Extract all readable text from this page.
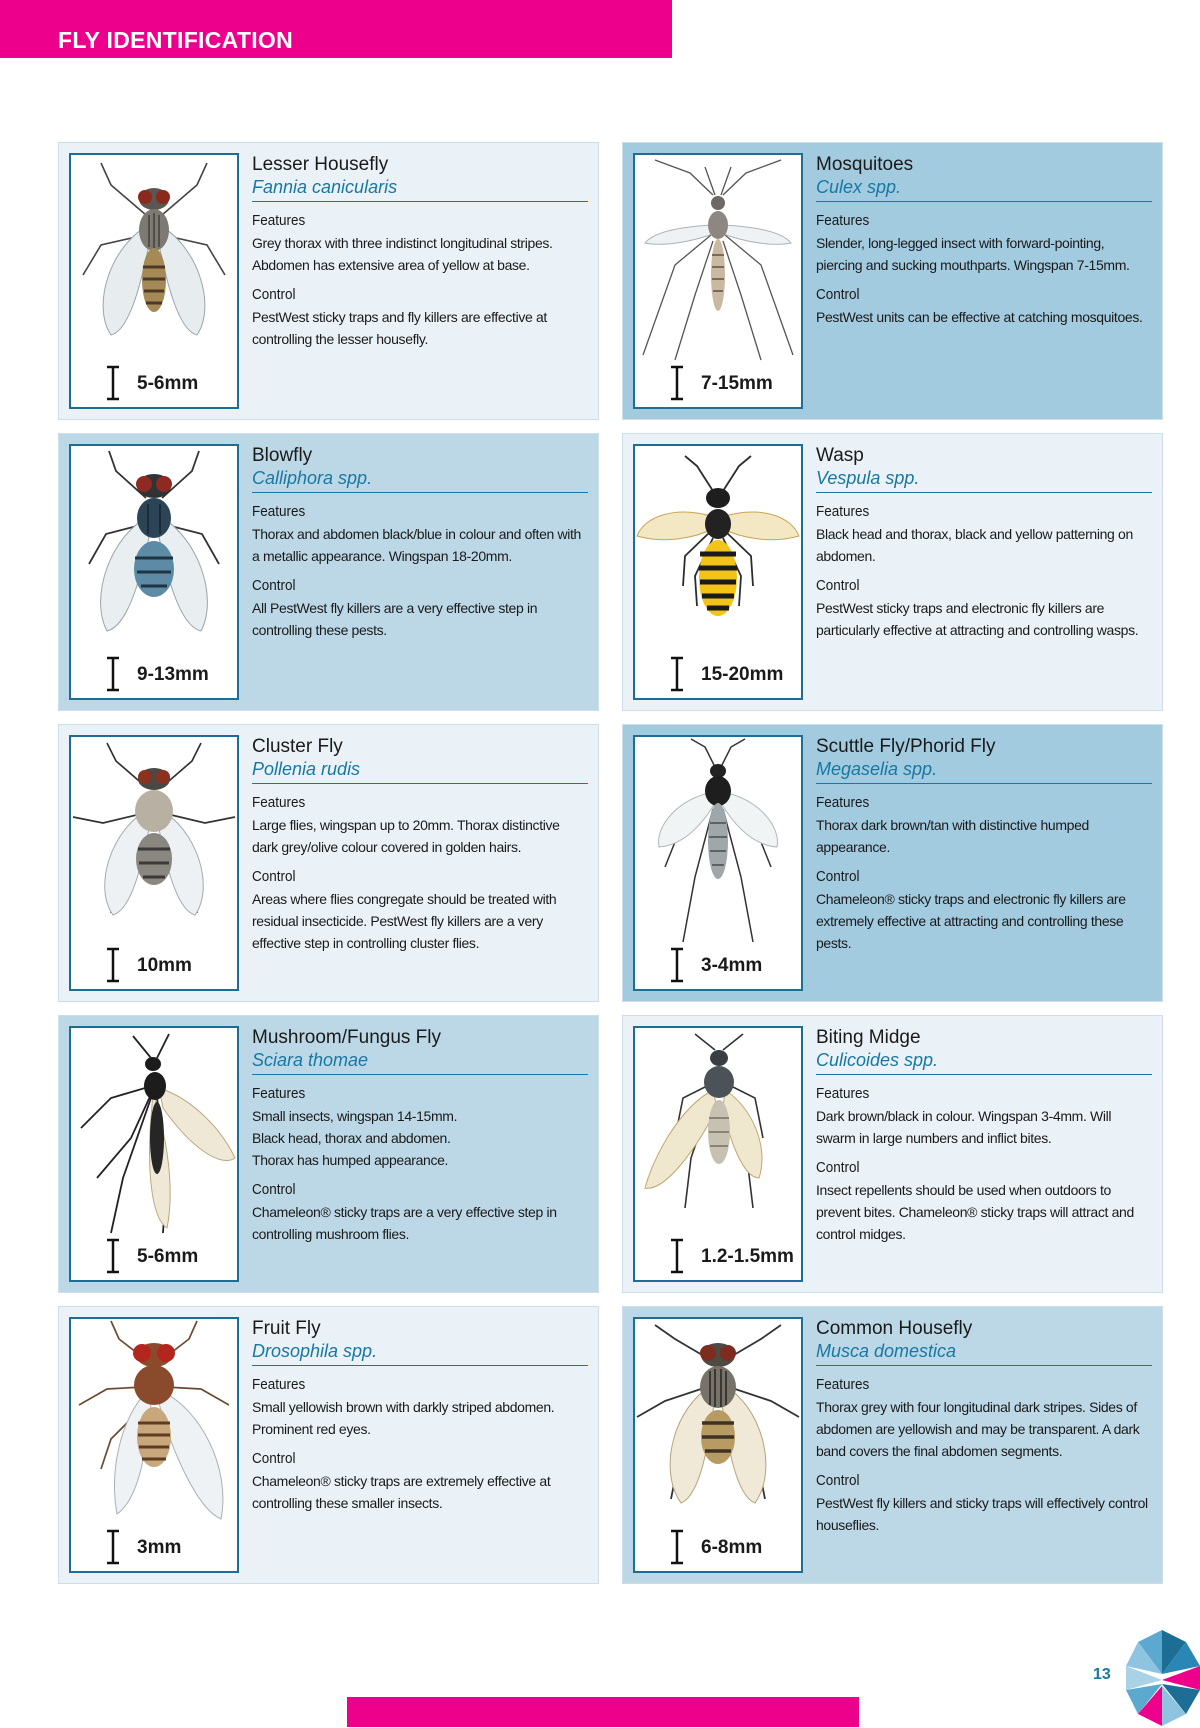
FLY IDENTIFICATION
5-6mm
Lesser Housefly
Fannia canicularis
Features
Grey thorax with three indistinct longitudinal stripes. Abdomen has extensive area of yellow at base.
Control
PestWest sticky traps and fly killers are effective at controlling the lesser housefly.
7-15mm
Mosquitoes
Culex spp.
Features
Slender, long-legged insect with forward-pointing, piercing and sucking mouthparts. Wingspan 7-15mm.
Control
PestWest units can be effective at catching mosquitoes.
9-13mm
Blowfly
Calliphora spp.
Features
Thorax and abdomen black/blue in colour and often with a metallic appearance. Wingspan 18-20mm.
Control
All PestWest fly killers are a very effective step in controlling these pests.
15-20mm
Wasp
Vespula spp.
Features
Black head and thorax, black and yellow patterning on abdomen.
Control
PestWest sticky traps and electronic fly killers are particularly effective at attracting and controlling wasps.
10mm
Cluster Fly
Pollenia rudis
Features
Large flies, wingspan up to 20mm. Thorax distinctive dark grey/olive colour covered in golden hairs.
Control
Areas where flies congregate should be treated with residual insecticide. PestWest fly killers are a very effective step in controlling cluster flies.
3-4mm
Scuttle Fly/Phorid Fly
Megaselia spp.
Features
Thorax dark brown/tan with distinctive humped appearance.
Control
Chameleon® sticky traps and electronic fly killers are extremely effective at attracting and controlling these pests.
5-6mm
Mushroom/Fungus Fly
Sciara thomae
Features
Small insects, wingspan 14-15mm. Black head, thorax and abdomen. Thorax has humped appearance.
Control
Chameleon® sticky traps are a very effective step in controlling mushroom flies.
1.2-1.5mm
Biting Midge
Culicoides spp.
Features
Dark brown/black in colour. Wingspan 3-4mm. Will swarm in large numbers and inflict bites.
Control
Insect repellents should be used when outdoors to prevent bites. Chameleon® sticky traps will attract and control midges.
3mm
Fruit Fly
Drosophila spp.
Features
Small yellowish brown with darkly striped abdomen. Prominent red eyes.
Control
Chameleon® sticky traps are extremely effective at controlling these smaller insects.
6-8mm
Common Housefly
Musca domestica
Features
Thorax grey with four longitudinal dark stripes. Sides of abdomen are yellowish and may be transparent. A dark band covers the final abdomen segments.
Control
PestWest fly killers and sticky traps will effectively control houseflies.
13
